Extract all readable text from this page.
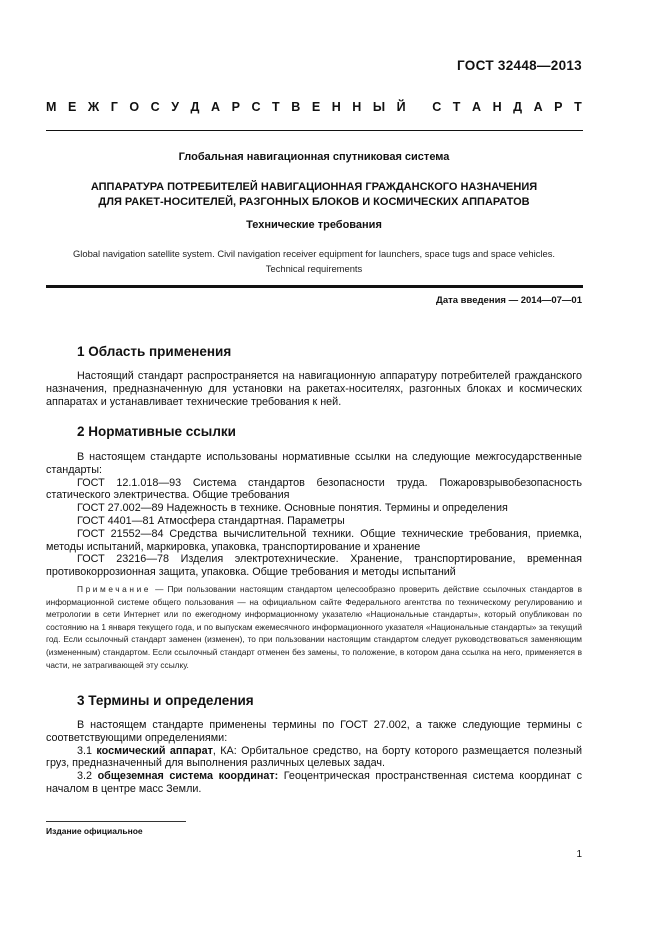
ГОСТ 32448—2013
М Е Ж Г О С У Д А Р С Т В Е Н Н Ы Й
С Т А Н Д А Р Т
Глобальная навигационная спутниковая система
АППАРАТУРА ПОТРЕБИТЕЛЕЙ НАВИГАЦИОННАЯ ГРАЖДАНСКОГО НАЗНАЧЕНИЯ
ДЛЯ РАКЕТ-НОСИТЕЛЕЙ, РАЗГОННЫХ БЛОКОВ И КОСМИЧЕСКИХ АППАРАТОВ
Технические требования
Global navigation satellite system. Civil navigation receiver equipment for launchers, space tugs and space vehicles.
Technical requirements
Дата введения — 2014—07—01
1 Область применения

Настоящий стандарт распространяется на навигационную аппаратуру потребителей гражданского назначения, предназначенную для установки на ракетах-носителях, разгонных блоках и космических аппаратах и устанавливает технические требования к ней.

2 Нормативные ссылки

В настоящем стандарте использованы нормативные ссылки на следующие межгосударственные стандарты:

ГОСТ 12.1.018—93 Система стандартов безопасности труда. Пожаровзрывобезопасность статического электричества. Общие требования

ГОСТ 27.002—89 Надежность в технике. Основные понятия. Термины и определения

ГОСТ 4401—81 Атмосфера стандартная. Параметры

ГОСТ 21552—84 Средства вычислительной техники. Общие технические требования, приемка, методы испытаний, маркировка, упаковка, транспортирование и хранение

ГОСТ 23216—78 Изделия электротехнические. Хранение, транспортирование, временная противокоррозионная защита, упаковка. Общие требования и методы испытаний

Примечание — При пользовании настоящим стандартом целесообразно проверить действие ссылочных стандартов в информационной системе общего пользования — на официальном сайте Федерального агентства по техническому регулированию и метрологии в сети Интернет или по ежегодному информационному указателю «Национальные стандарты», который опубликован по состоянию на 1 января текущего года, и по выпускам ежемесячного информационного указателя «Национальные стандарты» за текущий год. Если ссылочный стандарт заменен (изменен), то при пользовании настоящим стандартом следует руководствоваться заменяющим (измененным) стандартом. Если ссылочный стандарт отменен без замены, то положение, в котором дана ссылка на него, применяется в части, не затрагивающей эту ссылку.

3 Термины и определения

В настоящем стандарте применены термины по ГОСТ 27.002, а также следующие термины с соответствующими определениями:

3.1 космический аппарат, КА: Орбитальное средство, на борту которого размещается полезный груз, предназначенный для выполнения различных целевых задач.

3.2 общеземная система координат: Геоцентрическая пространственная система координат с началом в центре масс Земли.

Издание официальное
1
